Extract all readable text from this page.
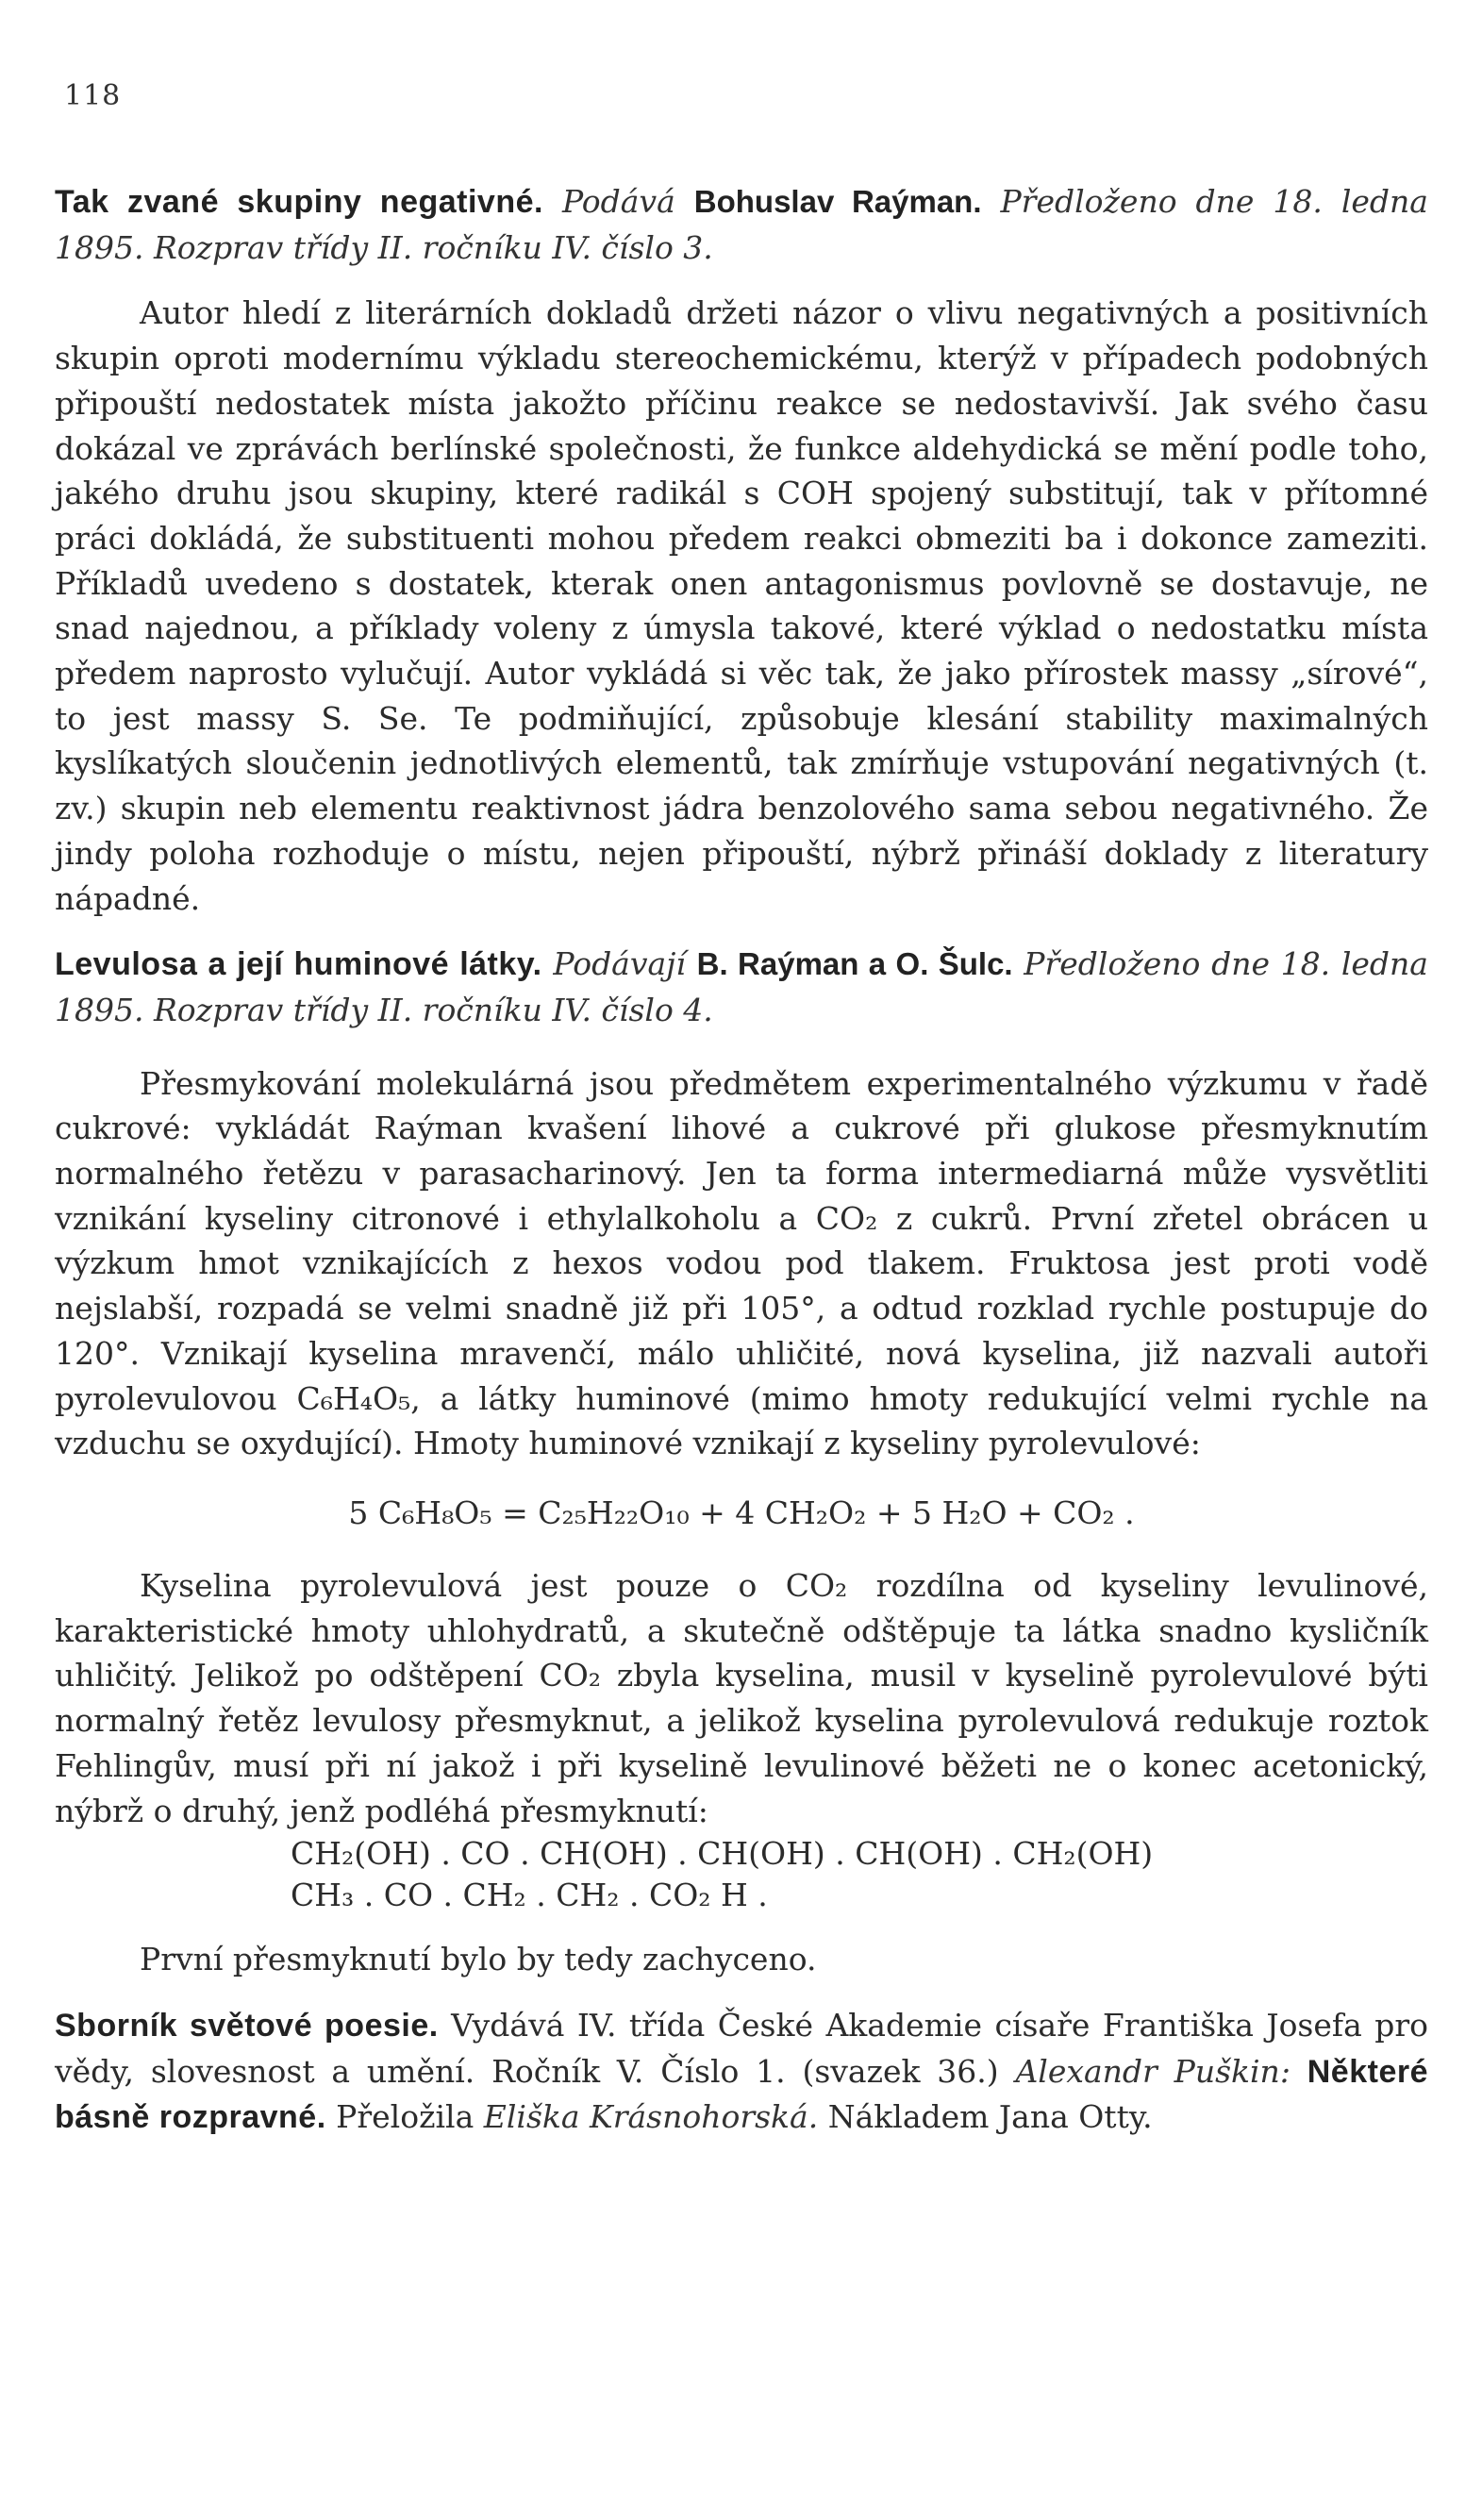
118

Tak zvané skupiny negativné. Podává Bohuslav Raýman. Předloženo dne 18. ledna 1895. Rozprav třídy II. ročníku IV. číslo 3.

Autor hledí z literárních dokladů držeti názor o vlivu negativných a positivních skupin oproti modernímu výkladu stereochemickému, kterýž v případech podobných připouští nedostatek místa jakožto příčinu reakce se nedostavivší. Jak svého času dokázal ve zprávách berlínské společnosti, že funkce aldehydická se mění podle toho, jakého druhu jsou skupiny, které radikál s COH spojený substitují, tak v přítomné práci dokládá, že substituenti mohou předem reakci obmeziti ba i dokonce zameziti. Příkladů uvedeno s dostatek, kterak onen antagonismus povlovně se dostavuje, ne snad najednou, a příklady voleny z úmysla takové, které výklad o nedostatku místa předem naprosto vylučují. Autor vykládá si věc tak, že jako přírostek massy „sírové“, to jest massy S. Se. Te podmiňující, způsobuje klesání stability maximalných kyslíkatých sloučenin jednotlivých elementů, tak zmírňuje vstupování negativných (t. zv.) skupin neb elementu reaktivnost jádra benzolového sama sebou negativného. Že jindy poloha rozhoduje o místu, nejen připouští, nýbrž přináší doklady z literatury nápadné.

Levulosa a její huminové látky. Podávají B. Raýman a O. Šulc. Předloženo dne 18. ledna 1895. Rozprav třídy II. ročníku IV. číslo 4.

Přesmykování molekulárná jsou předmětem experimentalného výzkumu v řadě cukrové: vykládát Raýman kvašení lihové a cukrové při glukose přesmyknutím normalného řetězu v parasacharinový. Jen ta forma intermediarná může vysvětliti vznikání kyseliny citronové i ethylalkoholu a CO₂ z cukrů. První zřetel obrácen u výzkum hmot vznikajících z hexos vodou pod tlakem. Fruktosa jest proti vodě nejslabší, rozpadá se velmi snadně již při 105°, a odtud rozklad rychle postupuje do 120°. Vznikají kyselina mravenčí, málo uhličité, nová kyselina, již nazvali autoři pyrolevulovou C₆H₄O₅, a látky huminové (mimo hmoty redukující velmi rychle na vzduchu se oxydující). Hmoty huminové vznikají z kyseliny pyrolevulové:

5 C₆H₈O₅ = C₂₅H₂₂O₁₀ + 4 CH₂O₂ + 5 H₂O + CO₂ .

Kyselina pyrolevulová jest pouze o CO₂ rozdílna od kyseliny levulinové, karakteristické hmoty uhlohydratů, a skutečně odštěpuje ta látka snadno kysličník uhličitý. Jelikož po odštěpení CO₂ zbyla kyselina, musil v kyselině pyrolevulové býti normalný řetěz levulosy přesmyknut, a jelikož kyselina pyrolevulová redukuje roztok Fehlingův, musí při ní jakož i při kyselině levulinové běžeti ne o konec acetonický, nýbrž o druhý, jenž podléhá přesmyknutí:

CH₂(OH) . CO . CH(OH) . CH(OH) . CH(OH) . CH₂(OH)

CH₃ . CO . CH₂ . CH₂ . CO₂ H .

První přesmyknutí bylo by tedy zachyceno.

Sborník světové poesie. Vydává IV. třída České Akademie císaře Františka Josefa pro vědy, slovesnost a umění. Ročník V. Číslo 1. (svazek 36.) Alexandr Puškin: Některé básně rozpravné. Přeložila Eliška Krásnohorská. Nákladem Jana Otty.
